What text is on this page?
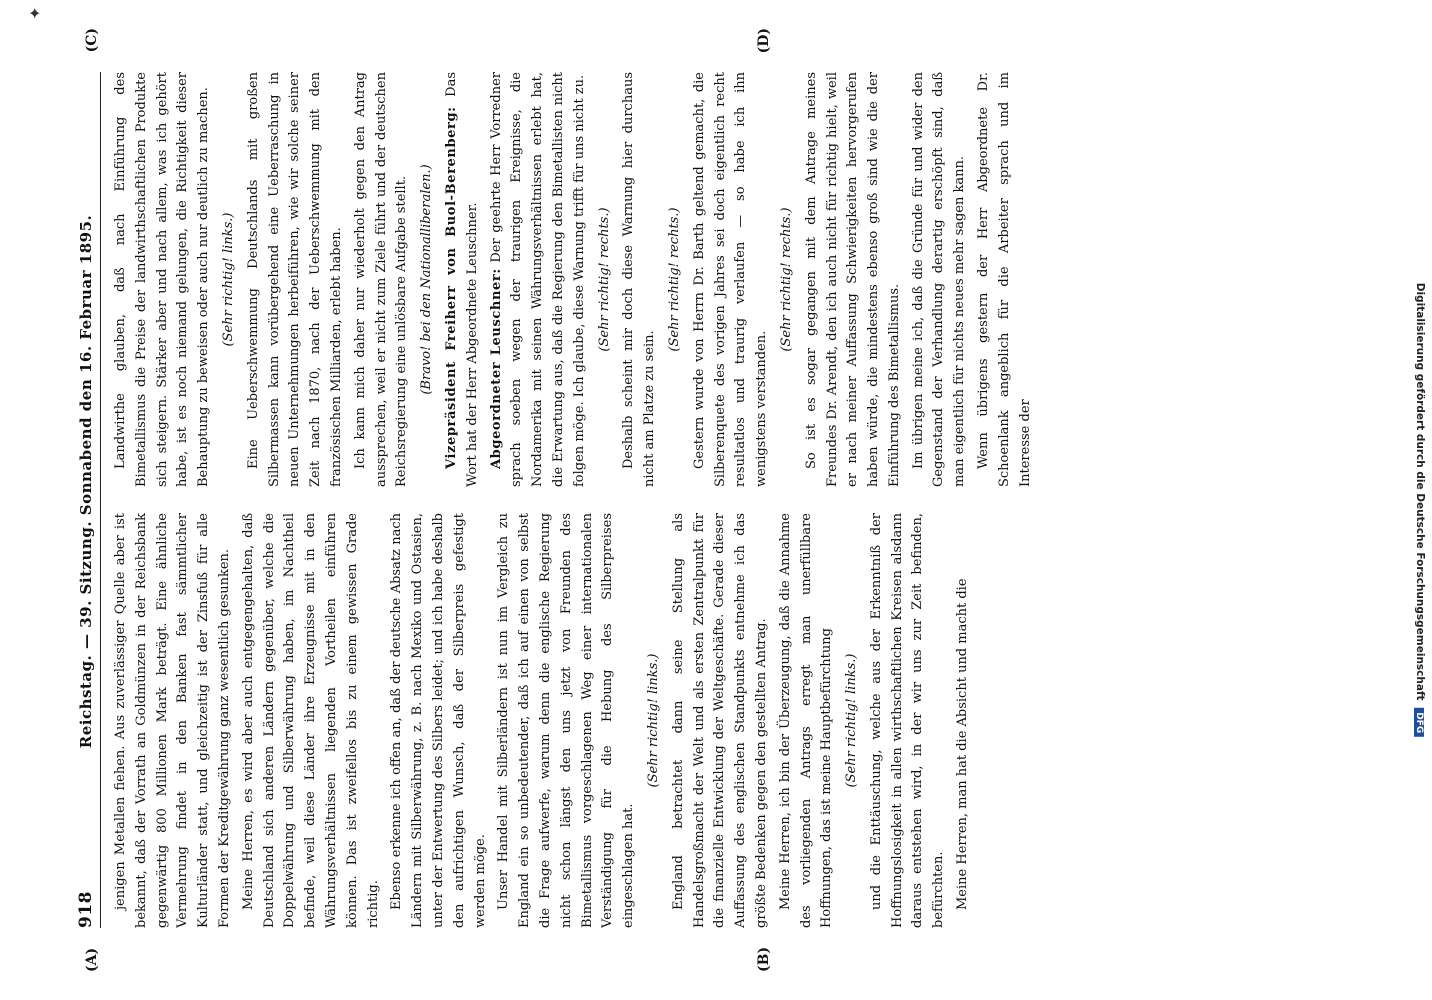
✦
918
Reichstag. — 39. Sitzung. Sonnabend den 16. Februar 1895. jenigen Metallen fiehen. Aus zuverlässiger Quelle aber ist bekannt, daß der Vorrath an Goldmünzen in der Reichsbank gegenwärtig 800 Millionen Mark beträgt. Eine ähnliche Vermehrung findet in den Banken fast sämmtlicher Kulturländer statt, und gleichzeitig ist der Zinsfuß für alle Formen der Kreditgewährung ganz wesentlich gesunken. Meine Herren, es wird aber auch entgegengehalten, daß Deutschland sich anderen Ländern gegenüber, welche die Doppelwährung und Silberwährung haben, im Nachtheil befinde, weil diese Länder ihre Erzeugnisse mit in den Währungsverhältnissen liegenden Vortheilen einführen können. Das ist zweifellos bis zu einem gewissen Grade richtig. Ebenso erkenne ich offen an, daß der deutsche Absatz nach Ländern mit Silberwährung, z. B. nach Mexiko und Ostasien, unter der Entwertung des Silbers leidet; und ich habe deshalb den aufrichtigen Wunsch, daß der Silberpreis gefestigt werden möge. Unser Handel mit Silberländern ist nun im Vergleich zu England ein so unbedeutender, daß ich auf einen von selbst die Frage aufwerfe, warum denn die englische Regierung nicht schon längst den uns jetzt von Freunden des Bimetallismus vorgeschlagenen Weg einer internationalen Verständigung für die Hebung des Silberpreises eingeschlagen hat.

(Sehr richtig! links.) England betrachtet dann seine Stellung als Handelsgroßmacht der Welt und als ersten Zentralpunkt für die finanzielle Entwicklung der Weltgeschäfte. Gerade dieser Auffassung des englischen Standpunkts entnehme ich das größte Bedenken gegen den gestellten Antrag. Meine Herren, ich bin der Überzeugung, daß die Annahme des vorliegenden Antrags erregt man unerfüllbare Hoffnungen, das ist meine Hauptbefürchtung (Sehr richtig! links.) und die Enttäuschung, welche aus der Erkenntniß der Hoffnungslosigkeit in allen wirthschaftlichen Kreisen alsdann daraus entstehen wird, in der wir uns zur Zeit befinden, befürchten. Meine Herren, man hat die Absicht und macht die

Landwirthe glauben, daß nach Einführung des Bimetallismus die Preise der landwirthschaftlichen Produkte sich steigern. Stärker aber und nach allem, was ich gehört habe, ist es noch niemand gelungen, die Richtigkeit dieser Behauptung zu beweisen oder auch nur deutlich zu machen. (Sehr richtig! links.) Eine Ueberschwemmung Deutschlands mit großen Silbermassen kann vorübergehend eine Ueberraschung in neuen Unternehmungen herbeiführen, wie wir solche seiner Zeit nach 1870, nach der Ueberschwemmung mit den französischen Milliarden, erlebt haben. Ich kann mich daher nur wiederholt gegen den Antrag aussprechen, weil er nicht zum Ziele führt und der deutschen Reichsregierung eine unlösbare Aufgabe stellt. (Bravo! bei den Nationalliberalen.) Vizepräsident Freiherr von Buol-Berenberg: Das Wort hat der Herr Abgeordnete Leuschner. Abgeordneter Leuschner: Der geehrte Herr Vorredner sprach soeben wegen der traurigen Ereignisse, die Nordamerika mit seinen Währungsverhältnissen erlebt hat, die Erwartung aus, daß die Regierung den Bimetallisten nicht folgen möge. Ich glaube, diese Warnung trifft für uns nicht zu. (Sehr richtig! rechts.) Deshalb scheint mir doch diese Warnung hier durchaus nicht am Platze zu sein.

(Sehr richtig! rechts.) Gestern wurde von Herrn Dr. Barth geltend gemacht, die Silberenquete des vorigen Jahres sei doch eigentlich recht resultatlos und traurig verlaufen — so habe ich ihn wenigstens verstanden.

(Sehr richtig! rechts.) So ist es sogar gegangen mit dem Antrage meines Freundes Dr. Arendt, den ich auch nicht für richtig hielt, weil er nach meiner Auffassung Schwierigkeiten hervorgerufen haben würde, die mindestens ebenso groß sind wie die der Einführung des Bimetallismus. Im übrigen meine ich, daß die Gründe für und wider den Gegenstand der Verhandlung derartig erschöpft sind, daß man eigentlich für nichts neues mehr sagen kann. Wenn übrigens gestern der Herr Abgeordnete Dr. Schoenlank angeblich für die Arbeiter sprach und im Interesse der

(A)	(B)
(C)	(D)
Digitalisierung gefördert durch die Deutsche Forschungsgemeinschaft DFG
